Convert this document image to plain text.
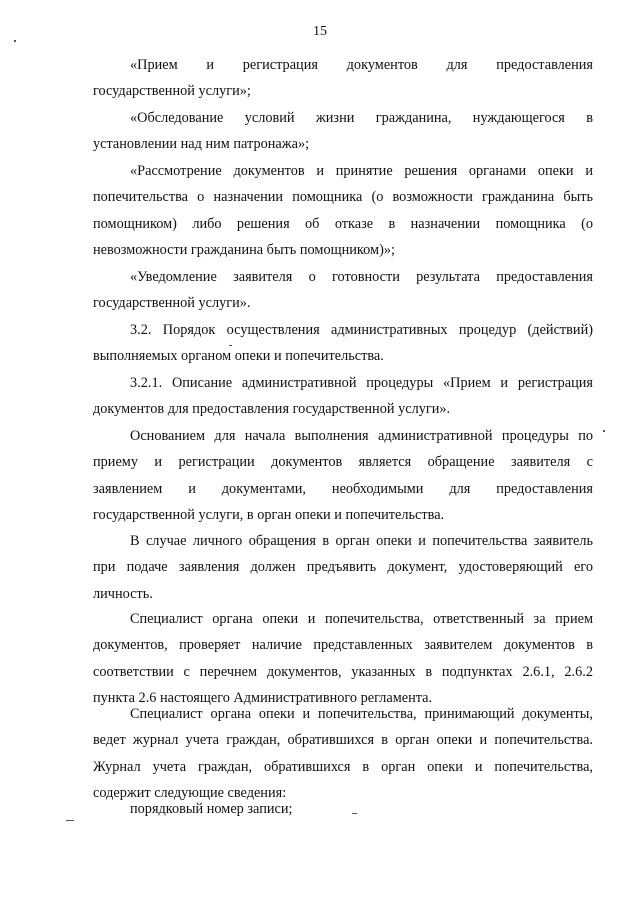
15
«Прием и регистрация документов для предоставления
государственной услуги»;
«Обследование условий жизни гражданина, нуждающегося в
установлении над ним патронажа»;
«Рассмотрение документов и принятие решения органами опеки и
попечительства о назначении помощника (о возможности гражданина быть
помощником) либо решения об отказе в назначении помощника (о
невозможности гражданина быть помощником)»;
«Уведомление заявителя о готовности результата предоставления
государственной услуги».
3.2. Порядок осуществления административных процедур (действий)
выполняемых органом опеки и попечительства.
3.2.1. Описание административной процедуры «Прием и регистрация
документов для предоставления государственной услуги».
Основанием для начала выполнения административной процедуры по
приему и регистрации документов является обращение заявителя с
заявлением и документами, необходимыми для предоставления
государственной услуги, в орган опеки и попечительства.
В случае личного обращения в орган опеки и попечительства заявитель
при подаче заявления должен предъявить документ, удостоверяющий его
личность.
Специалист органа опеки и попечительства, ответственный за прием
документов, проверяет наличие представленных заявителем документов в
соответствии с перечнем документов, указанных в подпунктах 2.6.1, 2.6.2
пункта 2.6 настоящего Административного регламента.
Специалист органа опеки и попечительства, принимающий документы,
ведет журнал учета граждан, обратившихся в орган опеки и попечительства.
Журнал учета граждан, обратившихся в орган опеки и попечительства,
содержит следующие сведения:
порядковый номер записи;
